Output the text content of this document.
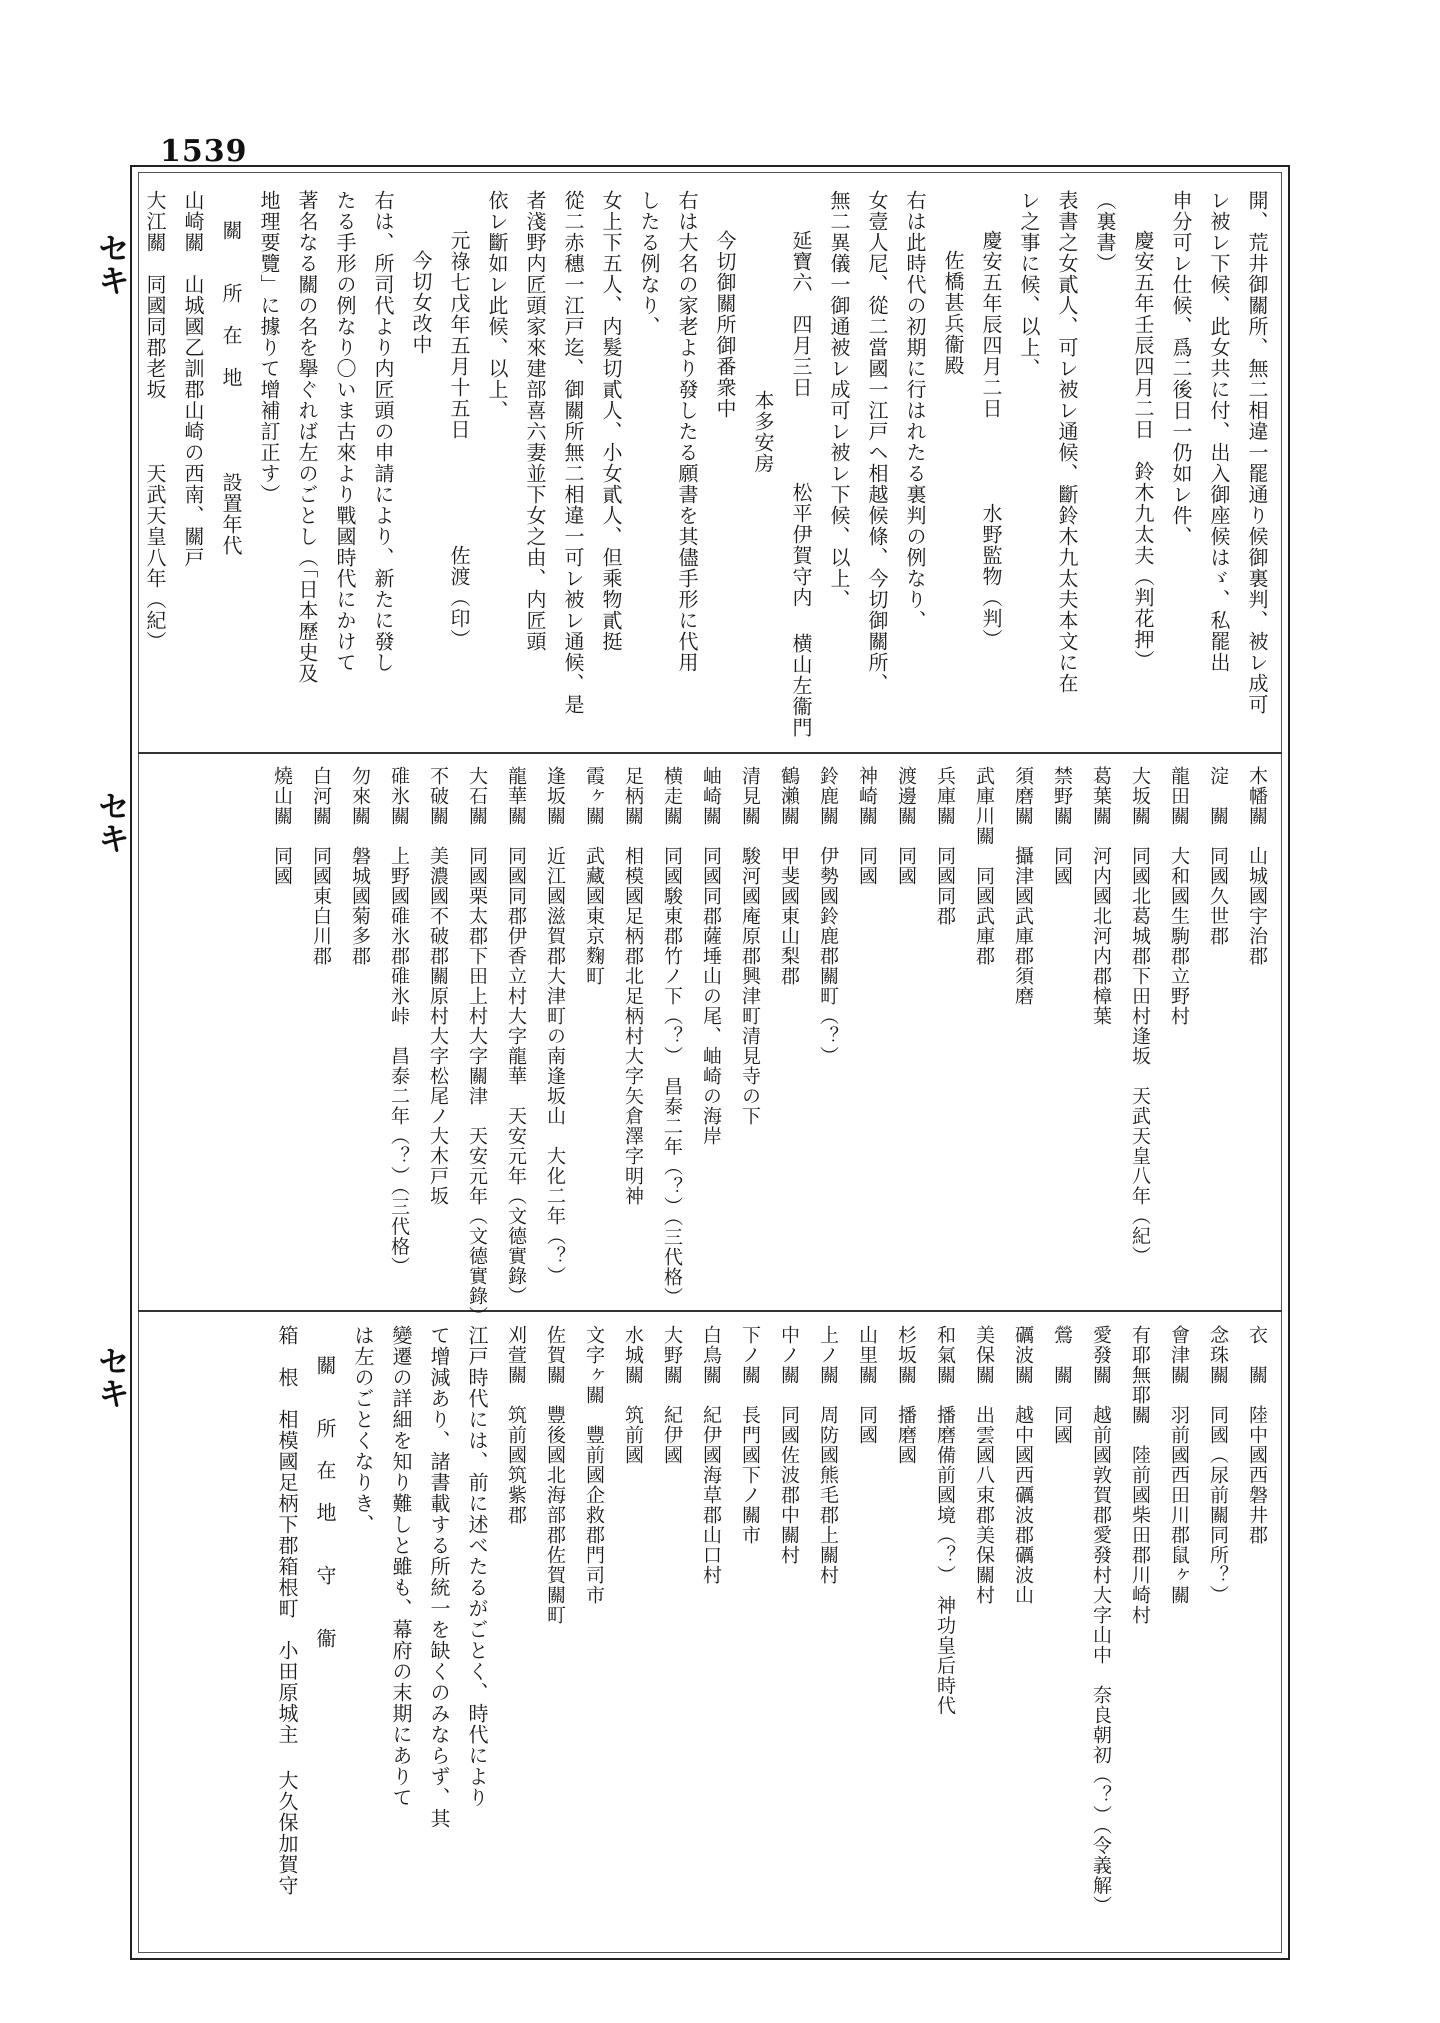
1539
セキ
セキ
セキ
開、荒井御關所、無二相違一罷通り候御裏判、被レ成可
レ被レ下候、此女共に付、出入御座候はゞ、私罷出
申分可レ仕候、爲二後日一仍如レ件、
慶安五年壬辰四月二日　鈴木九太夫（判花押）
（裏書）
表書之女貳人、可レ被レ通候、斷鈴木九太夫本文に在
レ之事に候、以上、
慶安五年辰四月二日　　　　水野監物（判）
佐橋甚兵衞殿
右は此時代の初期に行はれたる裏判の例なり、
女壹人尼、從二當國一江戸ヘ相越候條、今切御關所、
無二異儀一御通被レ成可レ被レ下候、以上、
延寶六　四月三日　　　　松平伊賀守内 横山左衞門
本多安房
今切御關所御番衆中
右は大名の家老より發したる願書を其儘手形に代用
したる例なり、
女上下五人、内髮切貳人、小女貳人、但乘物貳挺
從二赤穗一江戸迄、御關所無二相違一可レ被レ通候、是
者淺野内匠頭家來建部喜六妻並下女之由、内匠頭
依レ斷如レ此候、以上、
元祿七戊年五月十五日　　　　　佐渡（印）
今切女改中
右は、所司代より内匠頭の申請により、新たに發し
たる手形の例なり〇いま古來より戰國時代にかけて
著名なる關の名を擧ぐれば左のごとし（「日本歷史及
地理要覽」に據りて增補訂正す）
關　　所　在　地　　　　設置年代
山崎關　山城國乙訓郡山崎の西南、關戸
大江關　同國同郡老坂　　　天武天皇八年（紀）
木幡關　山城國宇治郡
淀　關　同國久世郡
龍田關　大和國生駒郡立野村
大坂關　同國北葛城郡下田村逢坂　天武天皇八年（紀）
葛葉關　河内國北河内郡樟葉
禁野關　同國
須磨關　攝津國武庫郡須磨
武庫川關　同國武庫郡
兵庫關　同國同郡
渡邊關　同國
神崎關　同國
鈴鹿關　伊勢國鈴鹿郡關町（？）
鶴瀨關　甲斐國東山梨郡
清見關　駿河國庵原郡興津町清見寺の下
岫崎關　同國同郡薩埵山の尾、岫崎の海岸
横走關　同國駿東郡竹ノ下（？）　昌泰二年（？）（三代格）
足柄關　相模國足柄郡北足柄村大字矢倉澤字明神
霞ヶ關　武藏國東京麴町
逢坂關　近江國滋賀郡大津町の南逢坂山　大化二年（？）
龍華關　同國同郡伊香立村大字龍華　天安元年（文德實錄）
大石關　同國栗太郡下田上村大字關津　天安元年（文德實錄）
不破關　美濃國不破郡關原村大字松尾ノ大木戸坂
碓氷關　上野國碓氷郡碓氷峠　昌泰二年（？）（三代格）
勿來關　磐城國菊多郡
白河關　同國東白川郡
燒山關　同國
衣　關　陸中國西磐井郡
念珠關　同國（尿前關同所？）
會津關　羽前國西田川郡鼠ヶ關
有耶無耶關　陸前國柴田郡川崎村
愛發關　越前國敦賀郡愛發村大字山中　奈良朝初（？）（令義解）
鶯　關　同國
礪波關　越中國西礪波郡礪波山
美保關　出雲國八束郡美保關村
和氣關　播磨備前國境（？）　神功皇后時代
杉坂關　播磨國
山里關　同國
上ノ關　周防國熊毛郡上關村
中ノ關　同國佐波郡中關村
下ノ關　長門國下ノ關市
白鳥關　紀伊國海草郡山口村
大野關　紀伊國
水城關　筑前國
文字ヶ關　豐前國企救郡門司市
佐賀關　豐後國北海部郡佐賀關町
刈萱關　筑前國筑紫郡
江戸時代には、前に述べたるがごとく、時代により
て增減あり、諸書載する所統一を缺くのみならず、其
變遷の詳細を知り難しと雖も、幕府の末期にありて
は左のごとくなりき、
關　　所　在　地　　守　　衞
箱　根　相模國足柄下郡箱根町　小田原城主 大久保加賀守
